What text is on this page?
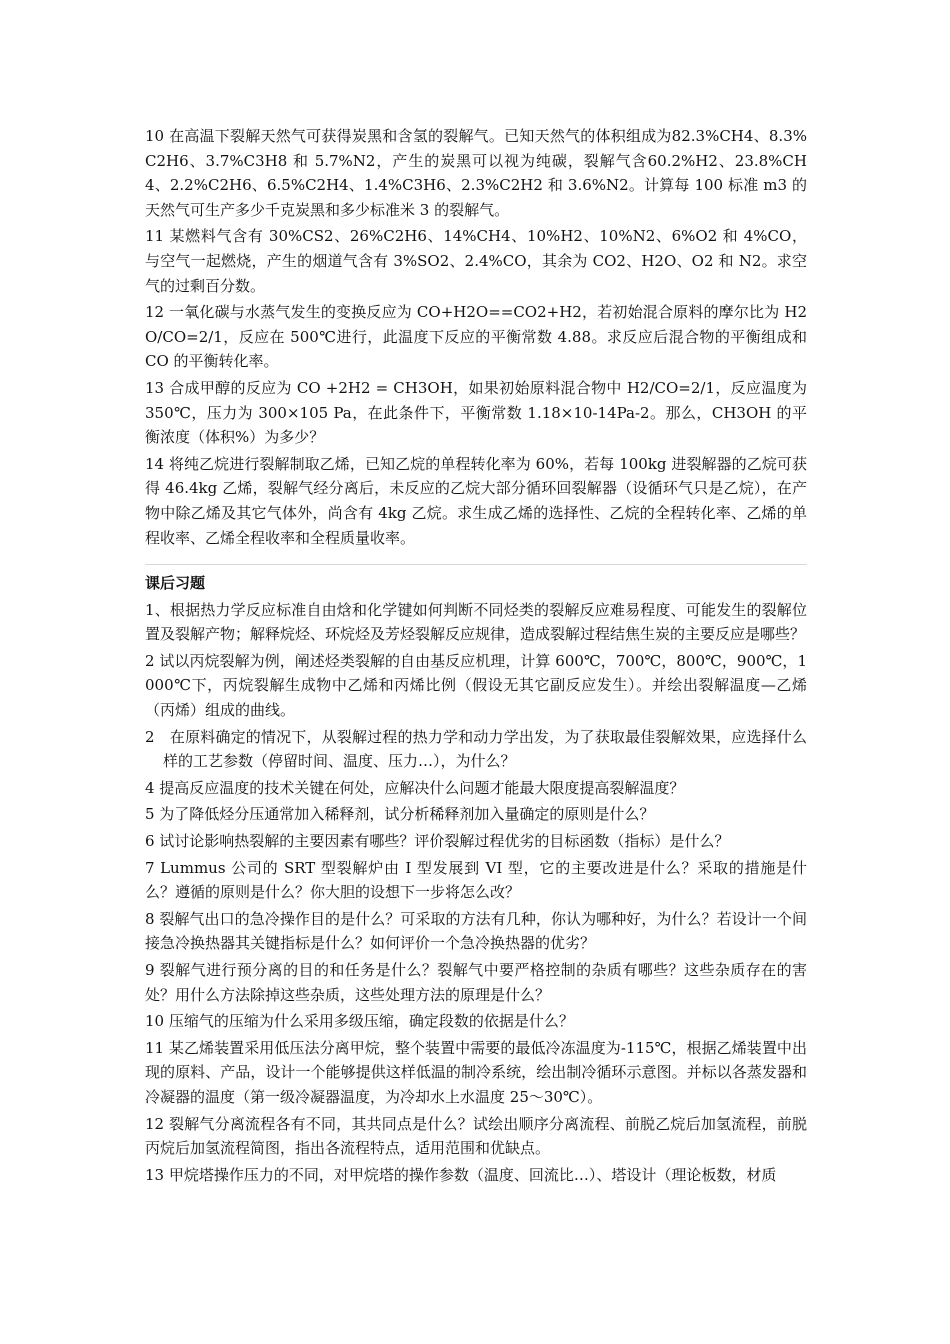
10 在高温下裂解天然气可获得炭黑和含氢的裂解气。已知天然气的体积组成为82.3%CH4、8.3%C2H6、3.7%C3H8 和 5.7%N2，产生的炭黑可以视为纯碳，裂解气含60.2%H2、23.8%CH4、2.2%C2H6、6.5%C2H4、1.4%C3H6、2.3%C2H2 和 3.6%N2。计算每 100 标准 m3 的天然气可生产多少千克炭黑和多少标准米 3 的裂解气。

11 某燃料气含有 30%CS2、26%C2H6、14%CH4、10%H2、10%N2、6%O2 和 4%CO，与空气一起燃烧，产生的烟道气含有 3%SO2、2.4%CO，其余为 CO2、H2O、O2 和 N2。求空气的过剩百分数。

12 一氧化碳与水蒸气发生的变换反应为 CO+H2O==CO2+H2，若初始混合原料的摩尔比为 H2O/CO=2/1，反应在 500℃进行，此温度下反应的平衡常数 4.88。求反应后混合物的平衡组成和 CO 的平衡转化率。

13 合成甲醇的反应为 CO +2H2 = CH3OH，如果初始原料混合物中 H2/CO=2/1，反应温度为 350℃，压力为 300×105 Pa，在此条件下，平衡常数 1.18×10-14Pa-2。那么，CH3OH 的平衡浓度（体积%）为多少？

14 将纯乙烷进行裂解制取乙烯，已知乙烷的单程转化率为 60%，若每 100kg 进裂解器的乙烷可获得 46.4kg 乙烯，裂解气经分离后，未反应的乙烷大部分循环回裂解器（设循环气只是乙烷），在产物中除乙烯及其它气体外，尚含有 4kg 乙烷。求生成乙烯的选择性、乙烷的全程转化率、乙烯的单程收率、乙烯全程收率和全程质量收率。

课后习题

1、根据热力学反应标准自由焓和化学键如何判断不同烃类的裂解反应难易程度、可能发生的裂解位置及裂解产物；解释烷烃、环烷烃及芳烃裂解反应规律，造成裂解过程结焦生炭的主要反应是哪些？

2 试以丙烷裂解为例，阐述烃类裂解的自由基反应机理，计算 600℃，700℃，800℃，900℃，1000℃下，丙烷裂解生成物中乙烯和丙烯比例（假设无其它副反应发生）。并绘出裂解温度—乙烯（丙烯）组成的曲线。

2　在原料确定的情况下，从裂解过程的热力学和动力学出发，为了获取最佳裂解效果，应选择什么样的工艺参数（停留时间、温度、压力…），为什么？

4 提高反应温度的技术关键在何处，应解决什么问题才能最大限度提高裂解温度？

5 为了降低烃分压通常加入稀释剂，试分析稀释剂加入量确定的原则是什么？

6 试讨论影响热裂解的主要因素有哪些？评价裂解过程优劣的目标函数（指标）是什么？

7 Lummus 公司的 SRT 型裂解炉由 I 型发展到 VI 型，它的主要改进是什么？采取的措施是什么？遵循的原则是什么？你大胆的设想下一步将怎么改？

8 裂解气出口的急冷操作目的是什么？可采取的方法有几种，你认为哪种好，为什么？若设计一个间接急冷换热器其关键指标是什么？如何评价一个急冷换热器的优劣？

9 裂解气进行预分离的目的和任务是什么？裂解气中要严格控制的杂质有哪些？这些杂质存在的害处？用什么方法除掉这些杂质，这些处理方法的原理是什么？

10 压缩气的压缩为什么采用多级压缩，确定段数的依据是什么？

11 某乙烯装置采用低压法分离甲烷，整个装置中需要的最低冷冻温度为-115℃，根据乙烯装置中出现的原料、产品，设计一个能够提供这样低温的制冷系统，绘出制冷循环示意图。并标以各蒸发器和冷凝器的温度（第一级冷凝器温度，为冷却水上水温度 25～30℃）。

12 裂解气分离流程各有不同，其共同点是什么？试绘出顺序分离流程、前脱乙烷后加氢流程，前脱丙烷后加氢流程简图，指出各流程特点，适用范围和优缺点。

13 甲烷塔操作压力的不同，对甲烷塔的操作参数（温度、回流比…）、塔设计（理论板数，材质
